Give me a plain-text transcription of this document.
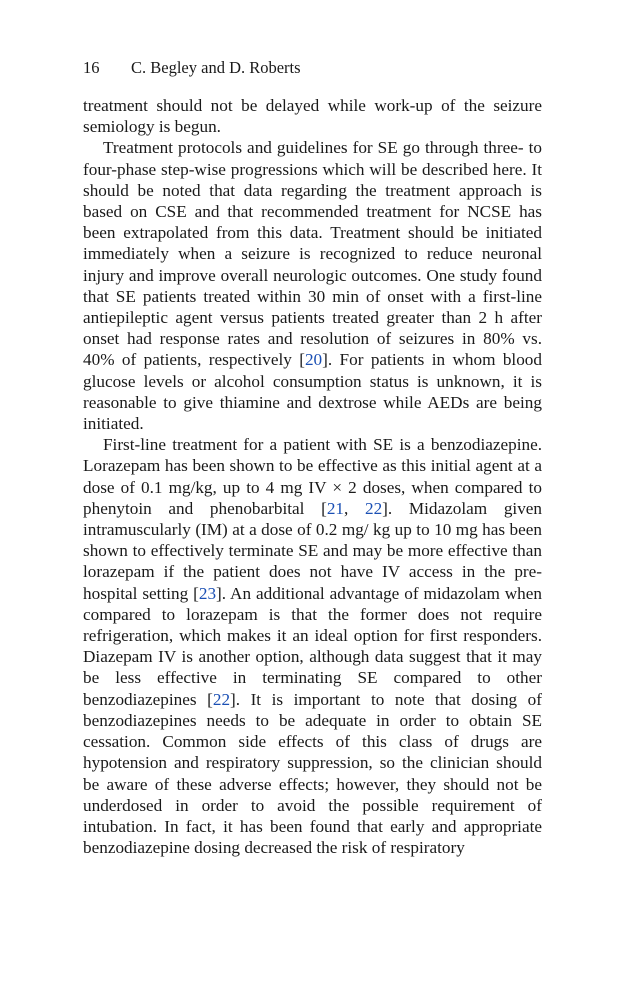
16 C. Begley and D. Roberts

treatment should not be delayed while work-up of the seizure semiology is begun.

Treatment protocols and guidelines for SE go through three- to four-phase step-wise progressions which will be described here. It should be noted that data regarding the treatment approach is based on CSE and that recommended treatment for NCSE has been extrapolated from this data. Treatment should be initiated immediately when a seizure is recognized to reduce neuronal injury and improve overall neurologic outcomes. One study found that SE patients treated within 30 min of onset with a first-line antiepileptic agent versus patients treated greater than 2 h after onset had response rates and resolution of seizures in 80% vs. 40% of patients, respectively [20]. For patients in whom blood glucose levels or alcohol consumption status is unknown, it is reasonable to give thiamine and dextrose while AEDs are being initiated.

First-line treatment for a patient with SE is a benzodiazepine. Lorazepam has been shown to be effective as this initial agent at a dose of 0.1 mg/kg, up to 4 mg IV × 2 doses, when compared to phenytoin and phenobarbital [21, 22]. Midazolam given intramuscularly (IM) at a dose of 0.2 mg/ kg up to 10 mg has been shown to effectively terminate SE and may be more effective than lorazepam if the patient does not have IV access in the pre-hospital setting [23]. An additional advantage of midazolam when compared to lorazepam is that the former does not require refrigeration, which makes it an ideal option for first responders. Diazepam IV is another option, although data suggest that it may be less effective in terminating SE compared to other benzodiazepines [22]. It is important to note that dosing of benzodiazepines needs to be adequate in order to obtain SE cessation. Common side effects of this class of drugs are hypotension and respiratory suppression, so the clinician should be aware of these adverse effects; however, they should not be underdosed in order to avoid the possible requirement of intubation. In fact, it has been found that early and appropriate benzodiazepine dosing decreased the risk of respiratory
